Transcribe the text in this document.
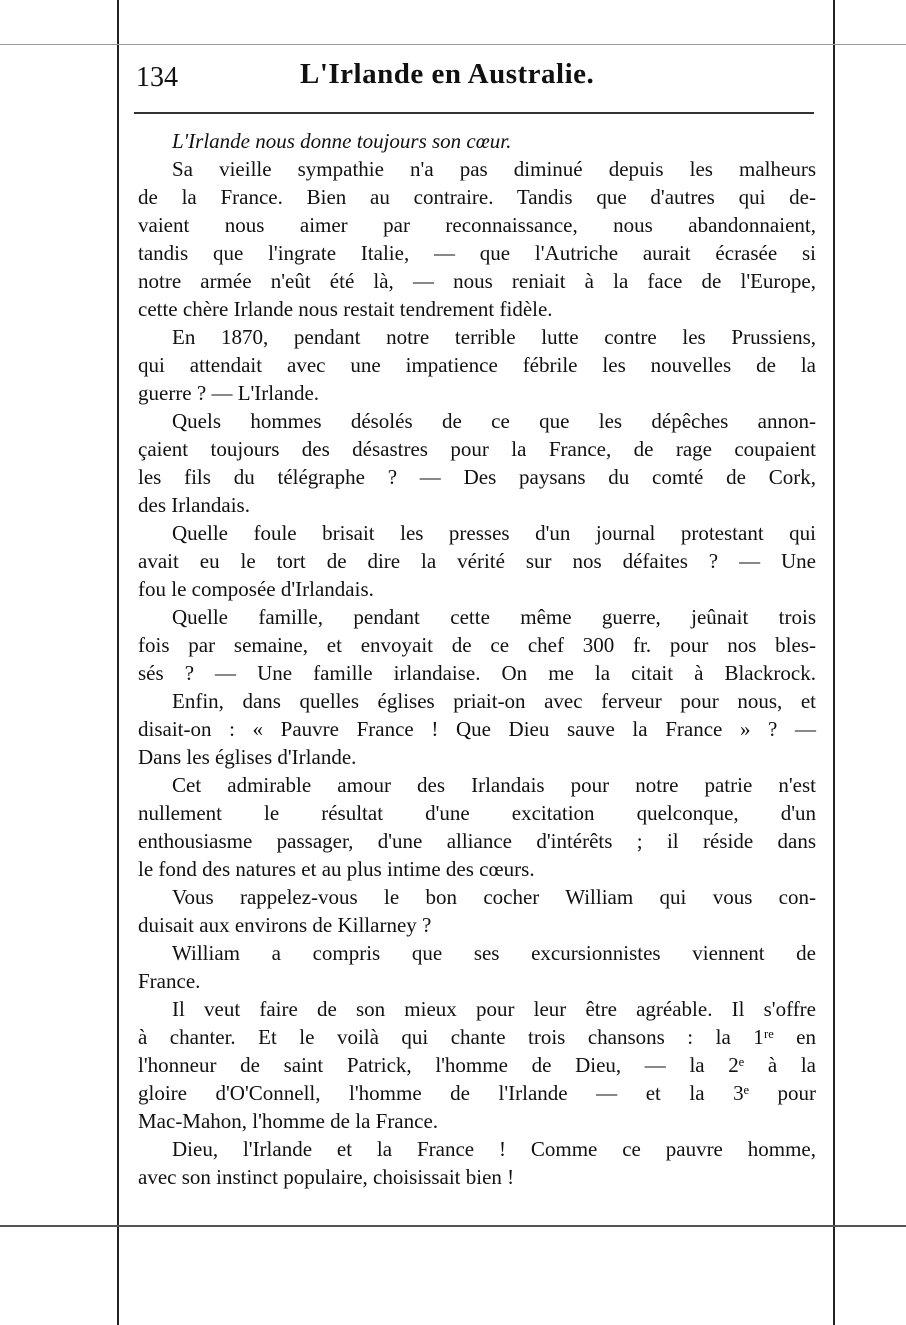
134	L'Irlande en Australie.
L'Irlande nous donne toujours son cœur.
Sa vieille sympathie n'a pas diminué depuis les malheurs
de la France. Bien au contraire. Tandis que d'autres qui de-
vaient nous aimer par reconnaissance, nous abandonnaient,
tandis que l'ingrate Italie, — que l'Autriche aurait écrasée si
notre armée n'eût été là, — nous reniait à la face de l'Europe,
cette chère Irlande nous restait tendrement fidèle.
En 1870, pendant notre terrible lutte contre les Prussiens,
qui attendait avec une impatience fébrile les nouvelles de la
guerre ? — L'Irlande.
Quels hommes désolés de ce que les dépêches annon-
çaient toujours des désastres pour la France, de rage coupaient
les fils du télégraphe ? — Des paysans du comté de Cork,
des Irlandais.
Quelle foule brisait les presses d'un journal protestant qui
avait eu le tort de dire la vérité sur nos défaites ? — Une
fou le composée d'Irlandais.
Quelle famille, pendant cette même guerre, jeûnait trois
fois par semaine, et envoyait de ce chef 300 fr. pour nos bles-
sés ? — Une famille irlandaise. On me la citait à Blackrock.
Enfin, dans quelles églises priait-on avec ferveur pour nous, et
disait-on : « Pauvre France ! Que Dieu sauve la France » ? —
Dans les églises d'Irlande.
Cet admirable amour des Irlandais pour notre patrie n'est
nullement le résultat d'une excitation quelconque, d'un
enthousiasme passager, d'une alliance d'intérêts ; il réside dans
le fond des natures et au plus intime des cœurs.
Vous rappelez-vous le bon cocher William qui vous con-
duisait aux environs de Killarney ?
William a compris que ses excursionnistes viennent de
France.
Il veut faire de son mieux pour leur être agréable. Il s'offre
à chanter. Et le voilà qui chante trois chansons : la 1ʳᵉ en
l'honneur de saint Patrick, l'homme de Dieu, — la 2ᵉ à la
gloire d'O'Connell, l'homme de l'Irlande — et la 3ᵉ pour
Mac-Mahon, l'homme de la France.
Dieu, l'Irlande et la France ! Comme ce pauvre homme,
avec son instinct populaire, choisissait bien !
